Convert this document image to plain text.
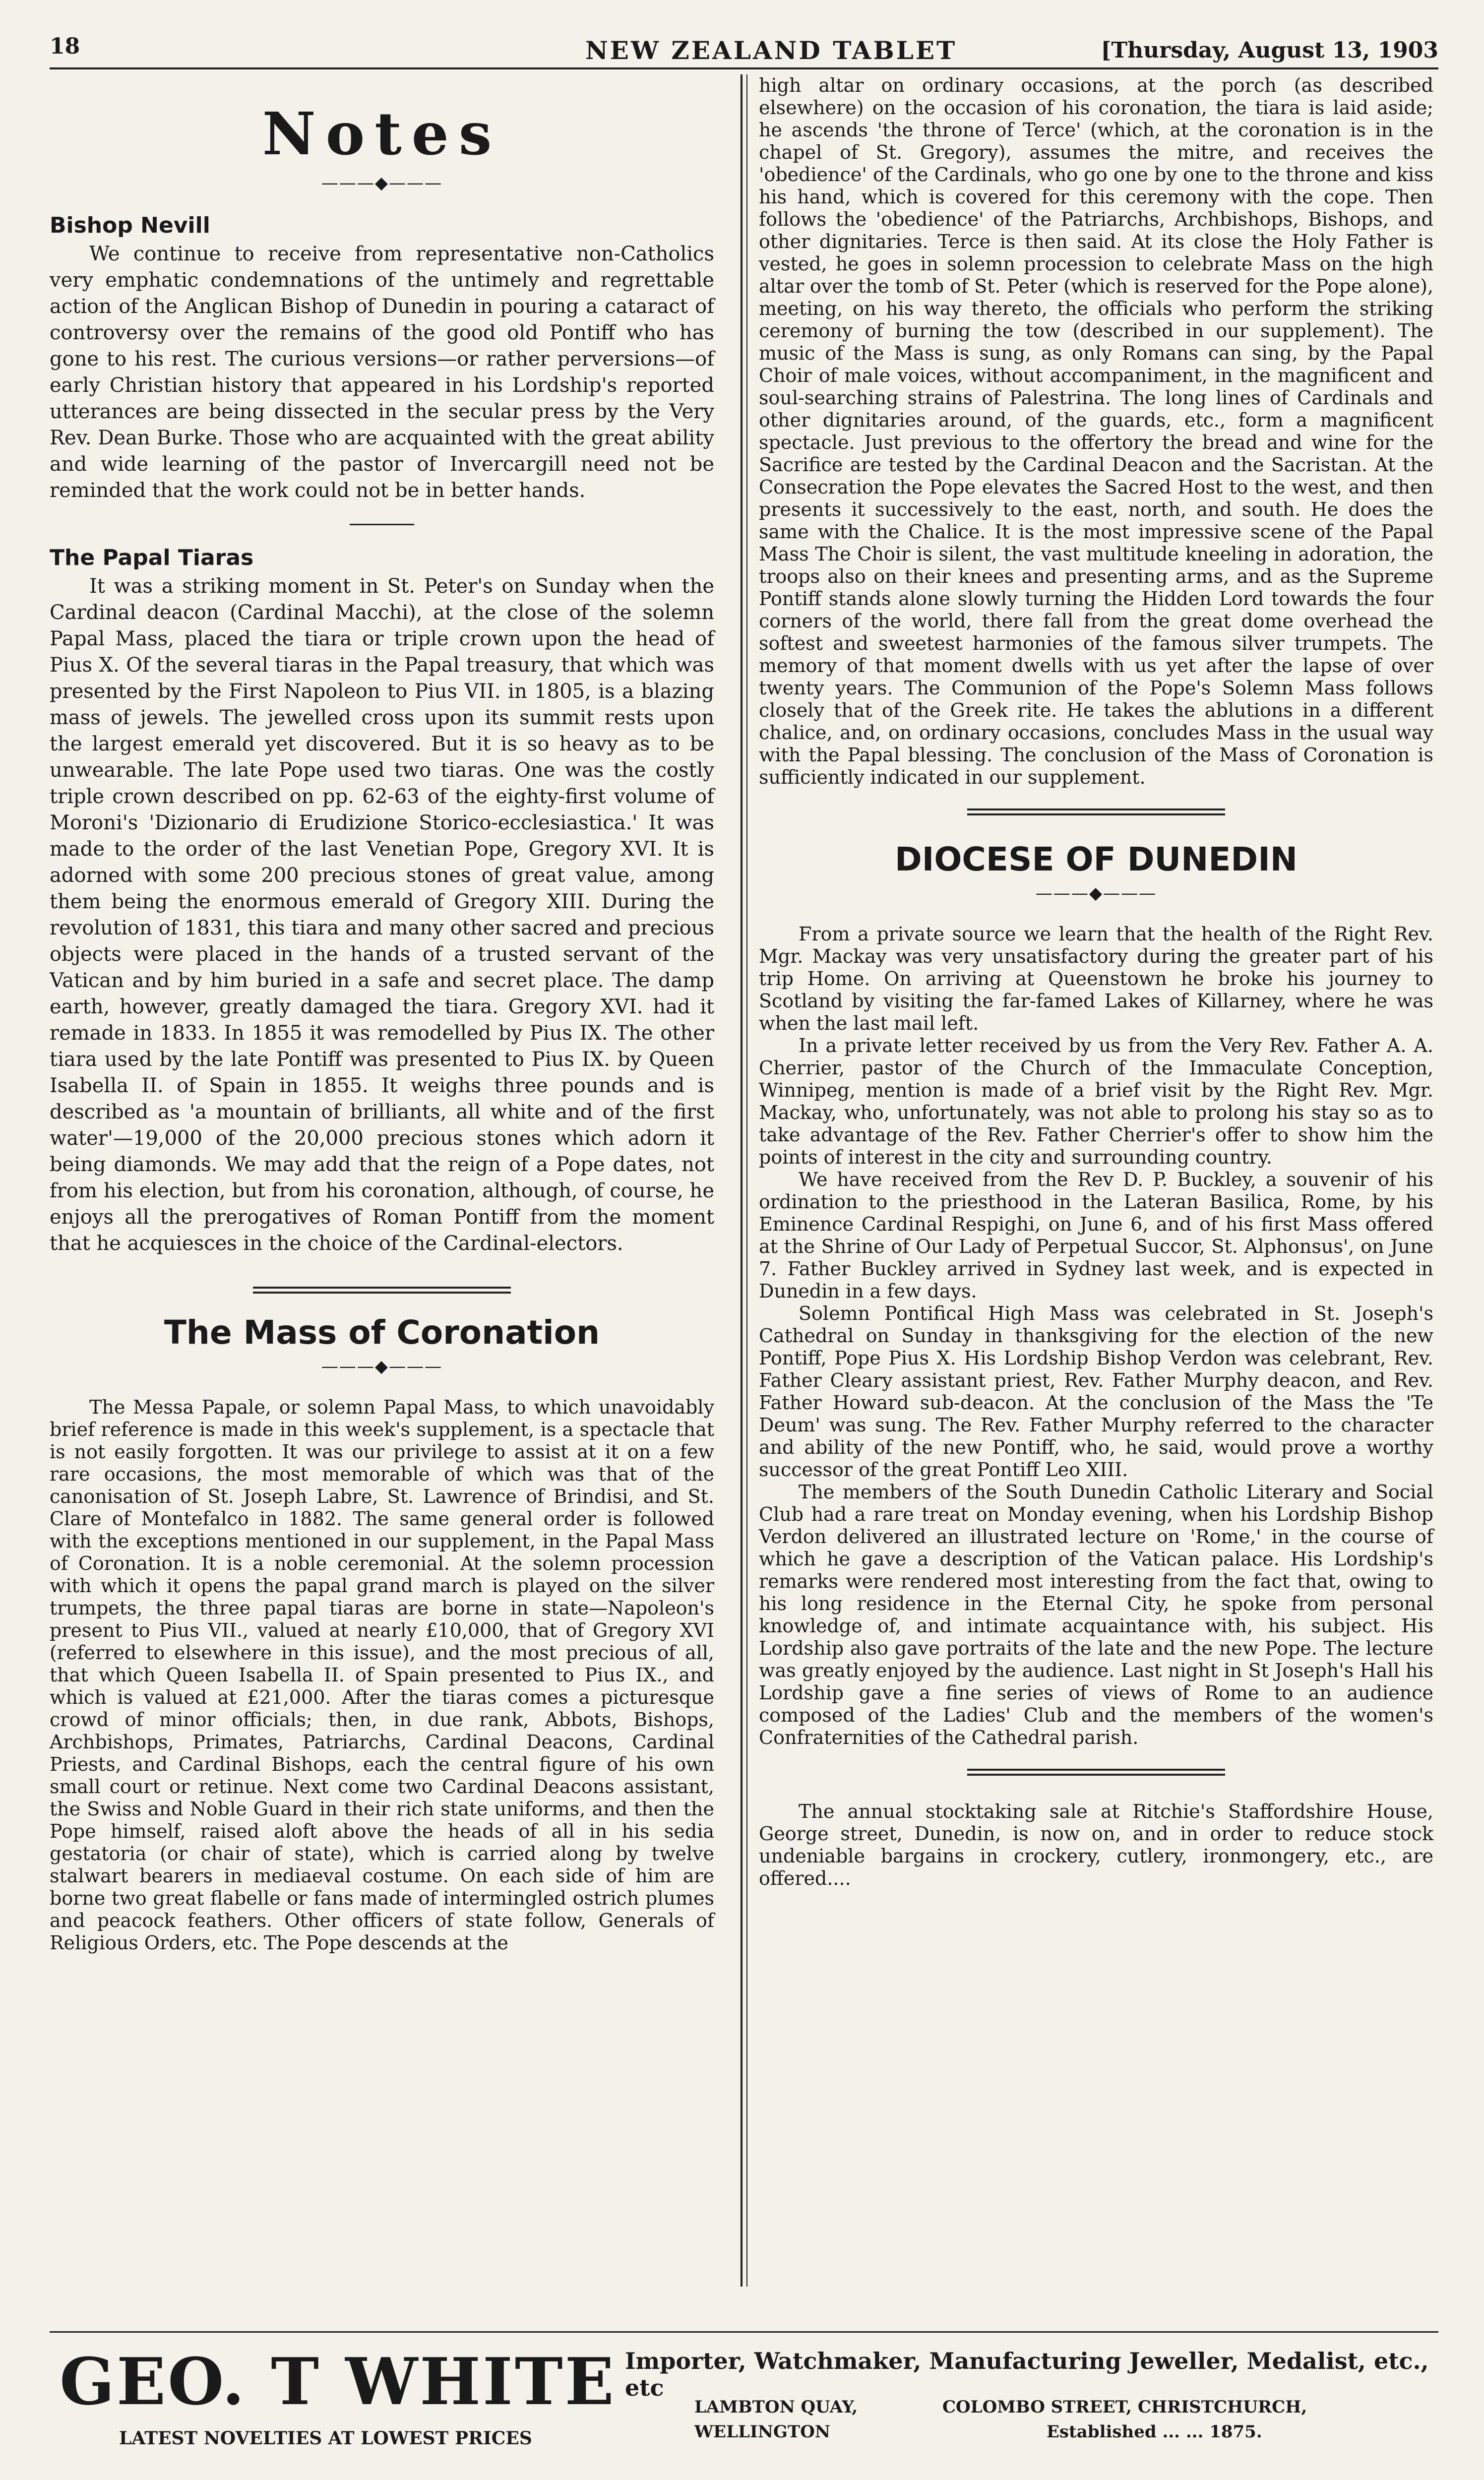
18	NEW ZEALAND TABLET	[Thursday, August 13, 1903
Notes
———◆———
Bishop Nevill

We continue to receive from representative non-Catholics very emphatic condemnations of the untimely and regrettable action of the Anglican Bishop of Dunedin in pouring a cataract of controversy over the remains of the good old Pontiff who has gone to his rest. The curious versions—or rather perversions—of early Christian history that appeared in his Lordship's reported utterances are being dissected in the secular press by the Very Rev. Dean Burke. Those who are acquainted with the great ability and wide learning of the pastor of Invercargill need not be reminded that the work could not be in better hands.

The Papal Tiaras

It was a striking moment in St. Peter's on Sunday when the Cardinal deacon (Cardinal Macchi), at the close of the solemn Papal Mass, placed the tiara or triple crown upon the head of Pius X. Of the several tiaras in the Papal treasury, that which was presented by the First Napoleon to Pius VII. in 1805, is a blazing mass of jewels. The jewelled cross upon its summit rests upon the largest emerald yet discovered. But it is so heavy as to be unwearable. The late Pope used two tiaras. One was the costly triple crown described on pp. 62-63 of the eighty-first volume of Moroni's 'Dizionario di Erudizione Storico-ecclesiastica.' It was made to the order of the last Venetian Pope, Gregory XVI. It is adorned with some 200 precious stones of great value, among them being the enormous emerald of Gregory XIII. During the revolution of 1831, this tiara and many other sacred and precious objects were placed in the hands of a trusted servant of the Vatican and by him buried in a safe and secret place. The damp earth, however, greatly damaged the tiara. Gregory XVI. had it remade in 1833. In 1855 it was remodelled by Pius IX. The other tiara used by the late Pontiff was presented to Pius IX. by Queen Isabella II. of Spain in 1855. It weighs three pounds and is described as 'a mountain of brilliants, all white and of the first water'—19,000 of the 20,000 precious stones which adorn it being diamonds. We may add that the reign of a Pope dates, not from his election, but from his coronation, although, of course, he enjoys all the prerogatives of Roman Pontiff from the moment that he acquiesces in the choice of the Cardinal-electors.

The Mass of Coronation
———◆———

The Messa Papale, or solemn Papal Mass, to which unavoidably brief reference is made in this week's supplement, is a spectacle that is not easily forgotten. It was our privilege to assist at it on a few rare occasions, the most memorable of which was that of the canonisation of St. Joseph Labre, St. Lawrence of Brindisi, and St. Clare of Montefalco in 1882. The same general order is followed with the exceptions mentioned in our supplement, in the Papal Mass of Coronation. It is a noble ceremonial. At the solemn procession with which it opens the papal grand march is played on the silver trumpets, the three papal tiaras are borne in state—Napoleon's present to Pius VII., valued at nearly £10,000, that of Gregory XVI (referred to elsewhere in this issue), and the most precious of all, that which Queen Isabella II. of Spain presented to Pius IX., and which is valued at £21,000. After the tiaras comes a picturesque crowd of minor officials; then, in due rank, Abbots, Bishops, Archbishops, Primates, Patriarchs, Cardinal Deacons, Cardinal Priests, and Cardinal Bishops, each the central figure of his own small court or retinue. Next come two Cardinal Deacons assistant, the Swiss and Noble Guard in their rich state uniforms, and then the Pope himself, raised aloft above the heads of all in his sedia gestatoria (or chair of state), which is carried along by twelve stalwart bearers in mediaeval costume. On each side of him are borne two great flabelle or fans made of intermingled ostrich plumes and peacock feathers. Other officers of state follow, Generals of Religious Orders, etc. The Pope descends at the

high altar on ordinary occasions, at the porch (as described elsewhere) on the occasion of his coronation, the tiara is laid aside; he ascends 'the throne of Terce' (which, at the coronation is in the chapel of St. Gregory), assumes the mitre, and receives the 'obedience' of the Cardinals, who go one by one to the throne and kiss his hand, which is covered for this ceremony with the cope. Then follows the 'obedience' of the Patriarchs, Archbishops, Bishops, and other dignitaries. Terce is then said. At its close the Holy Father is vested, he goes in solemn procession to celebrate Mass on the high altar over the tomb of St. Peter (which is reserved for the Pope alone), meeting, on his way thereto, the officials who perform the striking ceremony of burning the tow (described in our supplement). The music of the Mass is sung, as only Romans can sing, by the Papal Choir of male voices, without accompaniment, in the magnificent and soul-searching strains of Palestrina. The long lines of Cardinals and other dignitaries around, of the guards, etc., form a magnificent spectacle. Just previous to the offertory the bread and wine for the Sacrifice are tested by the Cardinal Deacon and the Sacristan. At the Consecration the Pope elevates the Sacred Host to the west, and then presents it successively to the east, north, and south. He does the same with the Chalice. It is the most impressive scene of the Papal Mass The Choir is silent, the vast multitude kneeling in adoration, the troops also on their knees and presenting arms, and as the Supreme Pontiff stands alone slowly turning the Hidden Lord towards the four corners of the world, there fall from the great dome overhead the softest and sweetest harmonies of the famous silver trumpets. The memory of that moment dwells with us yet after the lapse of over twenty years. The Communion of the Pope's Solemn Mass follows closely that of the Greek rite. He takes the ablutions in a different chalice, and, on ordinary occasions, concludes Mass in the usual way with the Papal blessing. The conclusion of the Mass of Coronation is sufficiently indicated in our supplement.

DIOCESE OF DUNEDIN
———◆———

From a private source we learn that the health of the Right Rev. Mgr. Mackay was very unsatisfactory during the greater part of his trip Home. On arriving at Queenstown he broke his journey to Scotland by visiting the far-famed Lakes of Killarney, where he was when the last mail left.

In a private letter received by us from the Very Rev. Father A. A. Cherrier, pastor of the Church of the Immaculate Conception, Winnipeg, mention is made of a brief visit by the Right Rev. Mgr. Mackay, who, unfortunately, was not able to prolong his stay so as to take advantage of the Rev. Father Cherrier's offer to show him the points of interest in the city and surrounding country.

We have received from the Rev D. P. Buckley, a souvenir of his ordination to the priesthood in the Lateran Basilica, Rome, by his Eminence Cardinal Respighi, on June 6, and of his first Mass offered at the Shrine of Our Lady of Perpetual Succor, St. Alphonsus', on June 7. Father Buckley arrived in Sydney last week, and is expected in Dunedin in a few days.

Solemn Pontifical High Mass was celebrated in St. Joseph's Cathedral on Sunday in thanksgiving for the election of the new Pontiff, Pope Pius X. His Lordship Bishop Verdon was celebrant, Rev. Father Cleary assistant priest, Rev. Father Murphy deacon, and Rev. Father Howard sub-deacon. At the conclusion of the Mass the 'Te Deum' was sung. The Rev. Father Murphy referred to the character and ability of the new Pontiff, who, he said, would prove a worthy successor of the great Pontiff Leo XIII.

The members of the South Dunedin Catholic Literary and Social Club had a rare treat on Monday evening, when his Lordship Bishop Verdon delivered an illustrated lecture on 'Rome,' in the course of which he gave a description of the Vatican palace. His Lordship's remarks were rendered most interesting from the fact that, owing to his long residence in the Eternal City, he spoke from personal knowledge of, and intimate acquaintance with, his subject. His Lordship also gave portraits of the late and the new Pope. The lecture was greatly enjoyed by the audience. Last night in St Joseph's Hall his Lordship gave a fine series of views of Rome to an audience composed of the Ladies' Club and the members of the women's Confraternities of the Cathedral parish.

The annual stocktaking sale at Ritchie's Staffordshire House, George street, Dunedin, is now on, and in order to reduce stock undeniable bargains in crockery, cutlery, ironmongery, etc., are offered....

GEO. T WHITE
LATEST NOVELTIES AT LOWEST PRICES
Importer, Watchmaker, Manufacturing Jeweller, Medalist, etc., etc
LAMBTON QUAY,
WELLINGTON
COLOMBO STREET, CHRISTCHURCH,
Established ... ... 1875.
